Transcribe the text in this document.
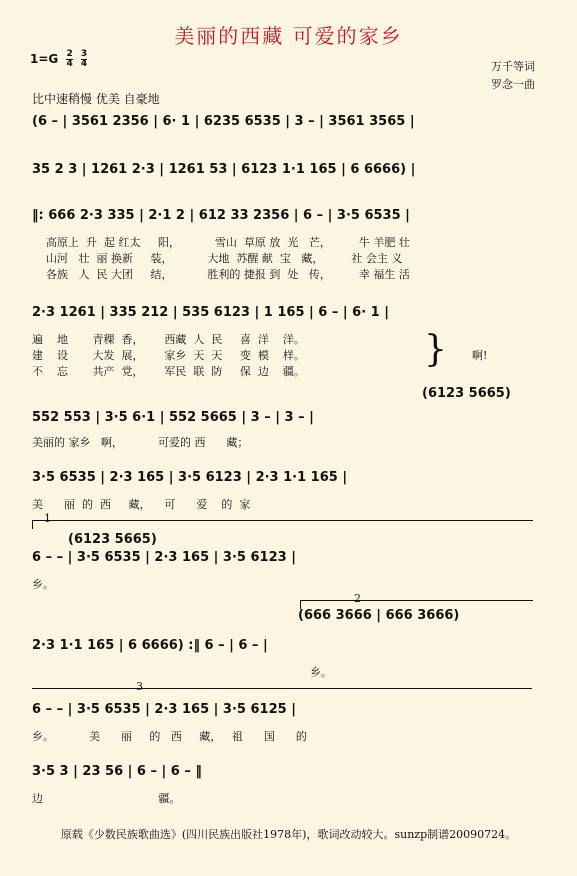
美丽的西藏 可爱的家乡
$1=G \frac{2}{4}$
$\frac{3}{4}$	万千等词
罗念一曲
比中速稍慢 优美 自豪地
(6 – | 3561 2356 | 6· 1 | 6235 6535 | 3 – | 3561 3565 |
35 2 3 | 1261 2·3 | 1261 53 | 6123 1·1 165 | 6 6666) |
‖: 666 2·3 335 | 2·1 2 | 612 33 2356 | 6 – | 3·5 6535 |
高原上  升  起 红太     阳，          雪山  草原 放  光   芒，        牛 羊肥 壮
山河   壮  丽 换新     装，          大地  苏醒 献  宝   藏，        社 会主 义
各族   人  民 大团     结，          胜利的 捷报 到  处   传，        幸 福生 活
2·3 1261 | 335 212 | 535 6123 | 1 165 | 6 – | 6· 1 |
遍    地       青稞  香，      西藏  人  民     喜  洋    洋。
建    设       大发  展，      家乡  天  天     变  模    样。
不    忘       共产  党，      军民  联  防     保  边    疆。
} 啊!
(6123 5665)
552 553 | 3·5 6·1 | 552 5665 | 3 – | 3 – |
美丽的 家乡   啊，          可爱的 西      藏；
3·5 6535 | 2·3 165 | 3·5 6123 | 2·3 1·1 165 |
美      丽  的  西     藏，    可      爱    的  家
(6123 5665)
6 – – | 3·5 6535 | 2·3 165 | 3·5 6123 |
乡。
(666 3666 | 666 3666)
2·3 1·1 165 | 6 6666) :‖ 6 – | 6 – |
乡。
6 – – | 3·5 6535 | 2·3 165 | 3·5 6125 |
乡。          美      丽     的   西     藏，   祖      国      的
3·5 3 | 23 56 | 6 – | 6 – ‖
边                                 疆。
1
2
3
原载《少数民族歌曲选》(四川民族出版社1978年)，歌词改动较大。sunzp制谱20090724。
